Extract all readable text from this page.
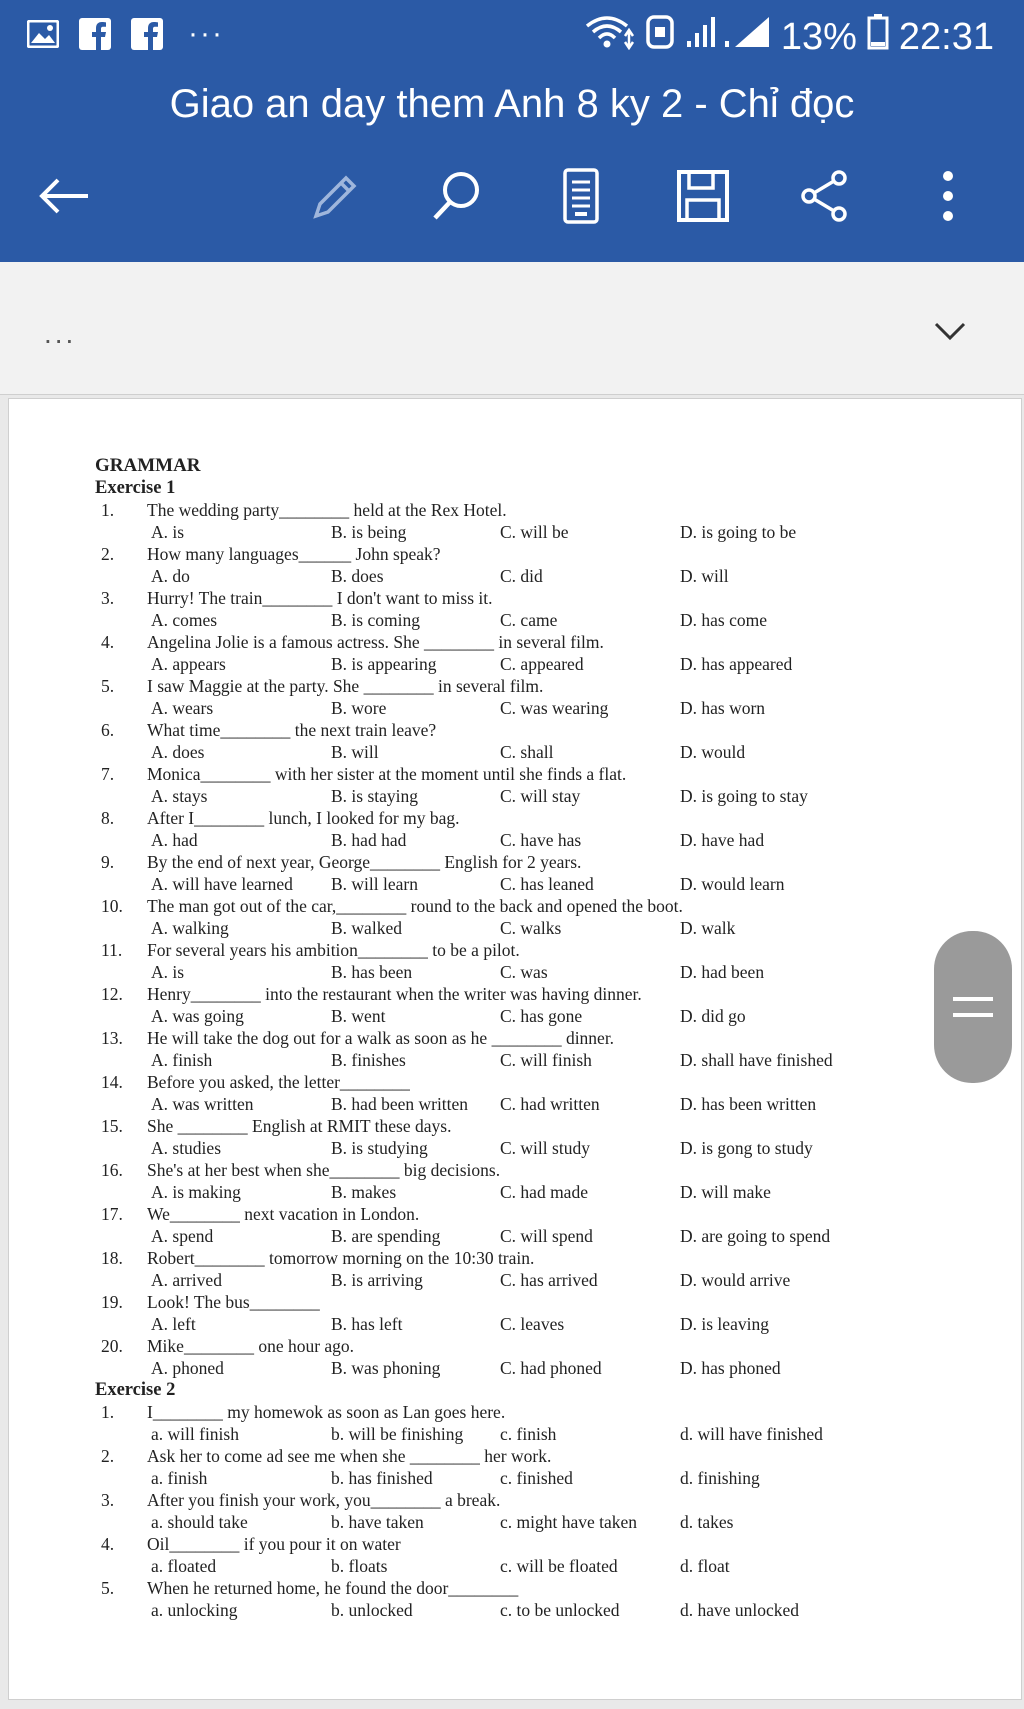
···	13% 22:31
Giao an day them Anh 8 ky 2 - Chỉ đọc
...
GRAMMAR
Exercise 1
1. The wedding party________ held at the Rex Hotel.
A. is	B. is being	C. will be	D. is going to be
2. How many languages______ John speak?
A. do	B. does	C. did	D. will
3. Hurry! The train________ I don't want to miss it.
A. comes	B. is coming	C. came	D. has come
4. Angelina Jolie is a famous actress. She ________ in several film.
A. appears	B. is appearing	C. appeared	D. has appeared
5. I saw Maggie at the party. She ________ in several film.
A. wears	B. wore	C. was wearing	D. has worn
6. What time________ the next train leave?
A. does	B. will	C. shall	D. would
7. Monica________ with her sister at the moment until she finds a flat.
A. stays	B. is staying	C. will stay	D. is going to stay
8. After I________ lunch, I looked for my bag.
A. had	B. had had	C. have has	D. have had
9. By the end of next year, George________ English for 2 years.
A. will have learned B. will learn	C. has leaned	D. would learn
10. The man got out of the car,________ round to the back and opened the boot.
A. walking	B. walked	C. walks	D. walk
11. For several years his ambition________ to be a pilot.
A. is	B. has been	C. was	D. had been
12. Henry________ into the restaurant when the writer was having dinner.
A. was going	B. went	C. has gone	D. did go
13. He will take the dog out for a walk as soon as he ________ dinner.
A. finish	B. finishes	C. will finish	D. shall have finished
14. Before you asked, the letter________
A. was written	B. had been written C. had written	D. has been written
15. She ________ English at RMIT these days.
A. studies	B. is studying	C. will study	D. is gong to study
16. She's at her best when she________ big decisions.
A. is making	B. makes	C. had made	D. will make
17. We________ next vacation in London.
A. spend	B. are spending	C. will spend	D. are going to spend
18. Robert________ tomorrow morning on the 10:30 train.
A. arrived	B. is arriving	C. has arrived	D. would arrive
19. Look! The bus________
A. left	B. has left	C. leaves	D. is leaving
20. Mike________ one hour ago.
A. phoned	B. was phoning	C. had phoned	D. has phoned
Exercise 2
1. I________ my homewok as soon as Lan goes here.
a. will finish	b. will be finishing c. finish	d. will have finished
2. Ask her to come ad see me when she ________ her work.
a. finish	b. has finished	c. finished	d. finishing
3. After you finish your work, you________ a break.
a. should take	b. have taken	c. might have taken d. takes
4. Oil________ if you pour it on water
a. floated	b. floats	c. will be floated	d. float
5. When he returned home, he found the door________
a. unlocking	b. unlocked	c. to be unlocked	d. have unlocked
